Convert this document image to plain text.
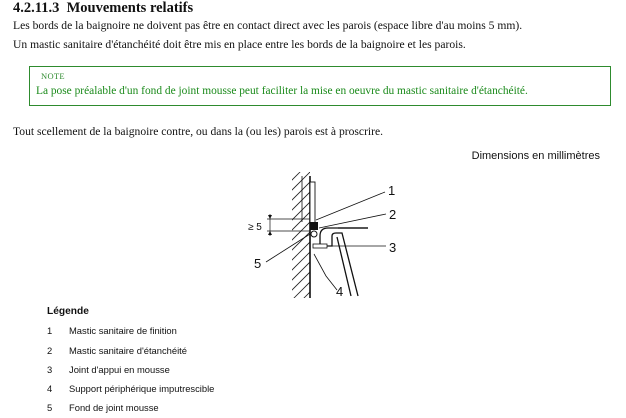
4.2.11.3 Mouvements relatifs
Les bords de la baignoire ne doivent pas être en contact direct avec les parois (espace libre d'au moins 5 mm).
Un mastic sanitaire d'étanchéité doit être mis en place entre les bords de la baignoire et les parois.
NOTE
La pose préalable d'un fond de joint mousse peut faciliter la mise en oeuvre du mastic sanitaire d'étanchéité.
Tout scellement de la baignoire contre, ou dans la (ou les) parois est à proscrire.
Dimensions en millimètres
≥ 5
1
2
3
4
5
Légende
1 Mastic sanitaire de finition
2 Mastic sanitaire d'étanchéité
3 Joint d'appui en mousse
4 Support périphérique imputrescible
5 Fond de joint mousse
